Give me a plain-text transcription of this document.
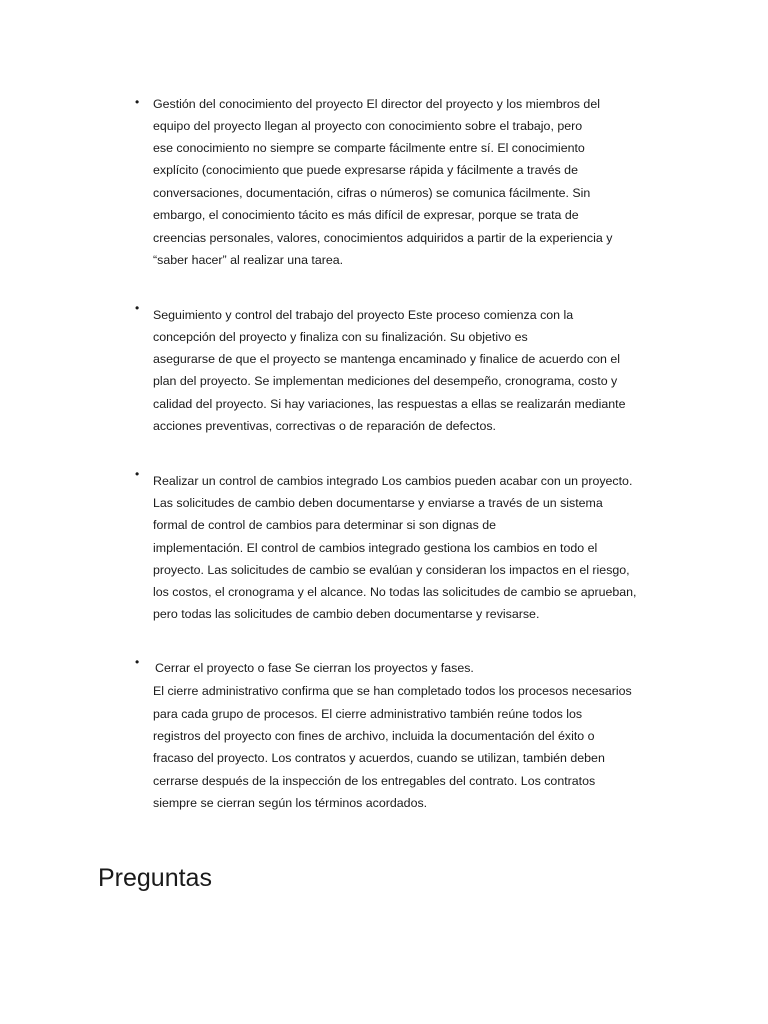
• Gestión del conocimiento del proyecto El director del proyecto y los miembros del
equipo del proyecto llegan al proyecto con conocimiento sobre el trabajo, pero
ese conocimiento no siempre se comparte fácilmente entre sí. El conocimiento
explícito (conocimiento que puede expresarse rápida y fácilmente a través de
conversaciones, documentación, cifras o números) se comunica fácilmente. Sin
embargo, el conocimiento tácito es más difícil de expresar, porque se trata de
creencias personales, valores, conocimientos adquiridos a partir de la experiencia y
“saber hacer” al realizar una tarea.
• Seguimiento y control del trabajo del proyecto Este proceso comienza con la
concepción del proyecto y finaliza con su finalización. Su objetivo es
asegurarse de que el proyecto se mantenga encaminado y finalice de acuerdo con el
plan del proyecto. Se implementan mediciones del desempeño, cronograma, costo y
calidad del proyecto. Si hay variaciones, las respuestas a ellas se realizarán mediante
acciones preventivas, correctivas o de reparación de defectos.
• Realizar un control de cambios integrado Los cambios pueden acabar con un proyecto.
Las solicitudes de cambio deben documentarse y enviarse a través de un sistema
formal de control de cambios para determinar si son dignas de
implementación. El control de cambios integrado gestiona los cambios en todo el
proyecto. Las solicitudes de cambio se evalúan y consideran los impactos en el riesgo,
los costos, el cronograma y el alcance. No todas las solicitudes de cambio se aprueban,
pero todas las solicitudes de cambio deben documentarse y revisarse.
• Cerrar el proyecto o fase Se cierran los proyectos y fases.
El cierre administrativo confirma que se han completado todos los procesos necesarios
para cada grupo de procesos. El cierre administrativo también reúne todos los
registros del proyecto con fines de archivo, incluida la documentación del éxito o
fracaso del proyecto. Los contratos y acuerdos, cuando se utilizan, también deben
cerrarse después de la inspección de los entregables del contrato. Los contratos
siempre se cierran según los términos acordados.
Preguntas
